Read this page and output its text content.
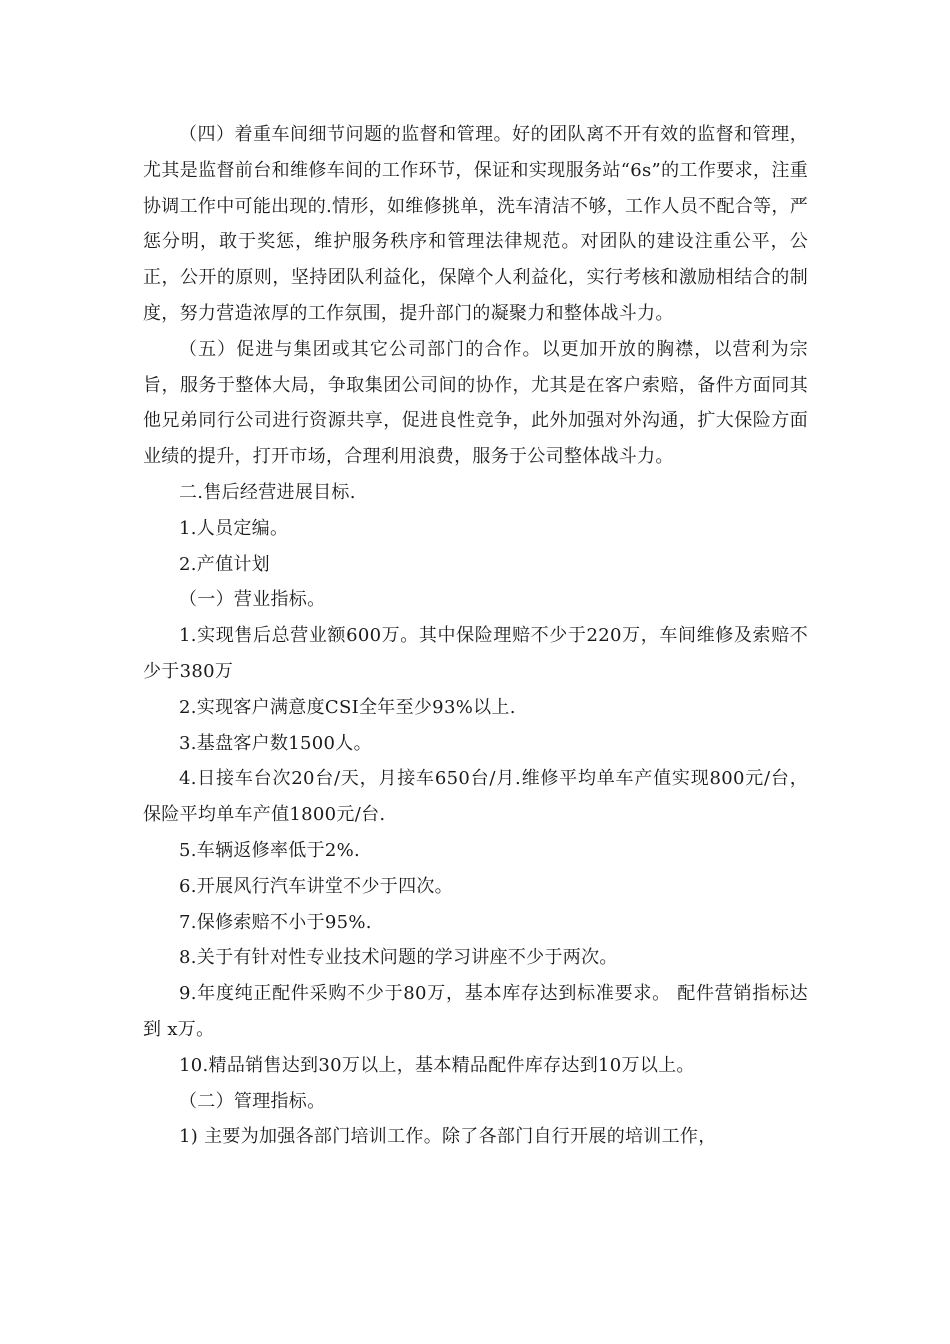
（四）着重车间细节问题的监督和管理。好的团队离不开有效的监督和管理，尤其是监督前台和维修车间的工作环节，保证和实现服务站“6s”的工作要求，注重协调工作中可能出现的.情形，如维修挑单，洗车清洁不够，工作人员不配合等，严惩分明，敢于奖惩，维护服务秩序和管理法律规范。对团队的建设注重公平，公正，公开的原则，坚持团队利益化，保障个人利益化，实行考核和激励相结合的制度，努力营造浓厚的工作氛围，提升部门的凝聚力和整体战斗力。

（五）促进与集团或其它公司部门的合作。以更加开放的胸襟，以营利为宗旨，服务于整体大局，争取集团公司间的协作，尤其是在客户索赔，备件方面同其他兄弟同行公司进行资源共享，促进良性竞争，此外加强对外沟通，扩大保险方面业绩的提升，打开市场，合理利用浪费，服务于公司整体战斗力。

二.售后经营进展目标.

1.人员定编。

2.产值计划

（一）营业指标。

1.实现售后总营业额600万。其中保险理赔不少于220万，车间维修及索赔不少于380万

2.实现客户满意度CSI全年至少93%以上.

3.基盘客户数1500人。

4.日接车台次20台/天，月接车650台/月.维修平均单车产值实现800元/台，保险平均单车产值1800元/台.

5.车辆返修率低于2%.

6.开展风行汽车讲堂不少于四次。

7.保修索赔不小于95%.

8.关于有针对性专业技术问题的学习讲座不少于两次。

9.年度纯正配件采购不少于80万，基本库存达到标准要求。 配件营销指标达到 x万。

10.精品销售达到30万以上，基本精品配件库存达到10万以上。

（二）管理指标。

1) 主要为加强各部门培训工作。除了各部门自行开展的培训工作，
